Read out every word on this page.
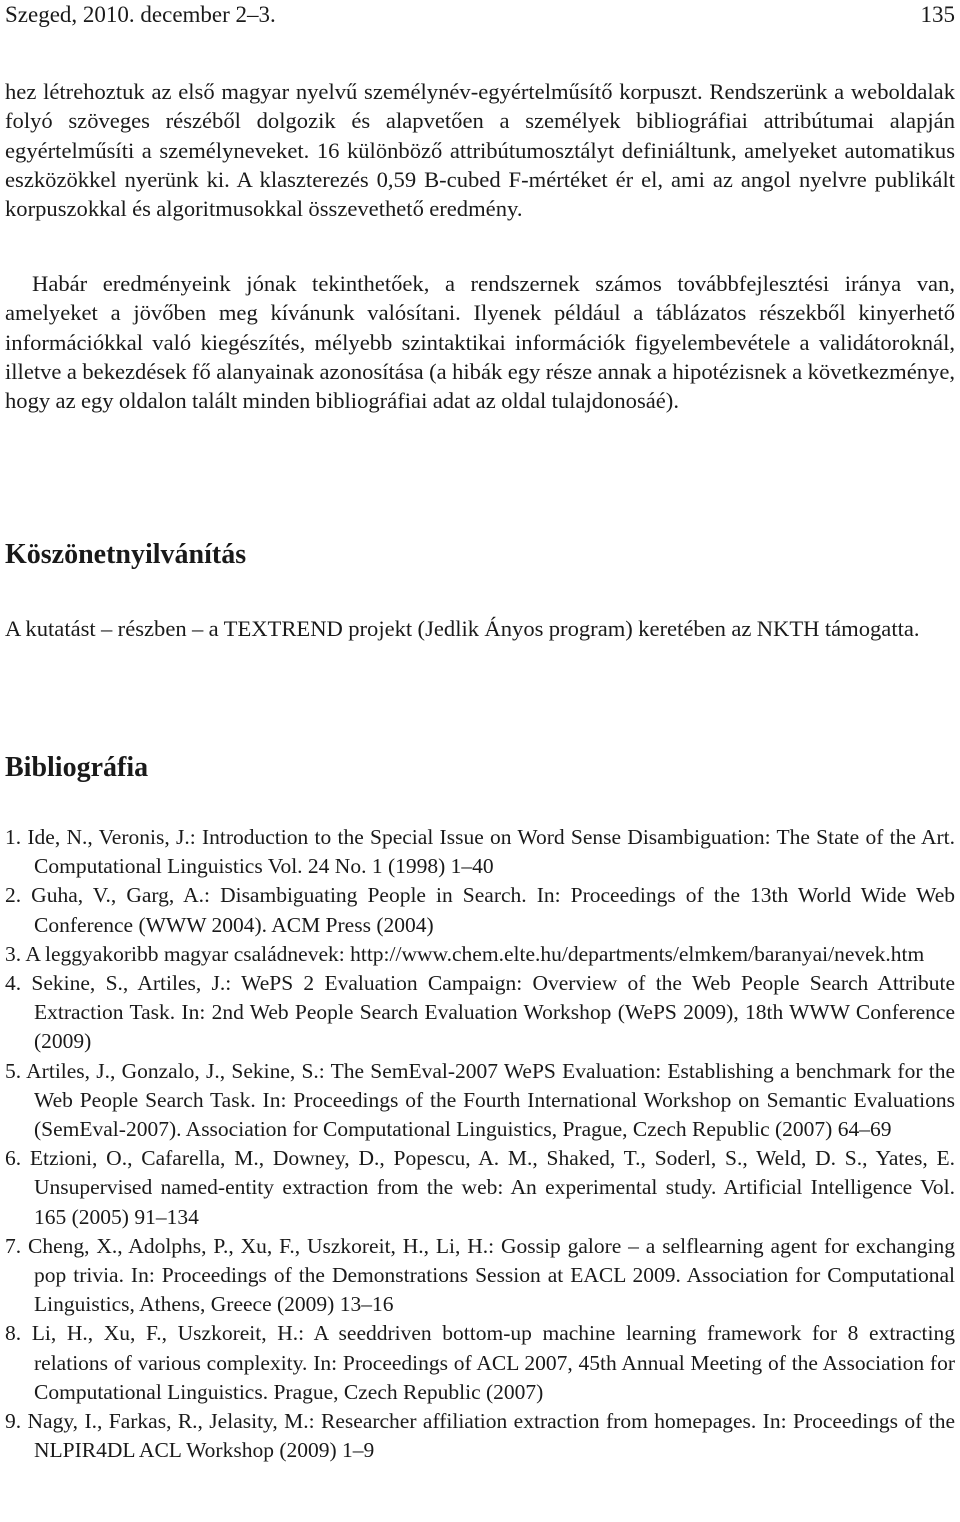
Szeged, 2010. december 2–3.	135

hez létrehoztuk az első magyar nyelvű személynév-egyértelműsítő korpuszt. Rendszerünk a weboldalak folyó szöveges részéből dolgozik és alapvetően a személyek bibliográfiai attribútumai alapján egyértelműsíti a személyneveket. 16 különböző attribútumosztályt definiáltunk, amelyeket automatikus eszközökkel nyerünk ki. A klaszterezés 0,59 B-cubed F-mértéket ér el, ami az angol nyelvre publikált korpuszokkal és algoritmusokkal összevethető eredmény.

Habár eredményeink jónak tekinthetőek, a rendszernek számos továbbfejlesztési iránya van, amelyeket a jövőben meg kívánunk valósítani. Ilyenek például a táblázatos részekből kinyerhető információkkal való kiegészítés, mélyebb szintaktikai információk figyelembevétele a validátoroknál, illetve a bekezdések fő alanyainak azonosítása (a hibák egy része annak a hipotézisnek a következménye, hogy az egy oldalon talált minden bibliográfiai adat az oldal tulajdonosáé).

Köszönetnyilvánítás

A kutatást – részben – a TEXTREND projekt (Jedlik Ányos program) keretében az NKTH támogatta.

Bibliográfia
1. Ide, N., Veronis, J.: Introduction to the Special Issue on Word Sense Disambiguation: The State of the Art. Computational Linguistics Vol. 24 No. 1 (1998) 1–40
2. Guha, V., Garg, A.: Disambiguating People in Search. In: Proceedings of the 13th World Wide Web Conference (WWW 2004). ACM Press (2004)
3. A leggyakoribb magyar családnevek: http://www.chem.elte.hu/departments/elmkem/baranyai/nevek.htm
4. Sekine, S., Artiles, J.: WePS 2 Evaluation Campaign: Overview of the Web People Search Attribute Extraction Task. In: 2nd Web People Search Evaluation Workshop (WePS 2009), 18th WWW Conference (2009)
5. Artiles, J., Gonzalo, J., Sekine, S.: The SemEval-2007 WePS Evaluation: Establishing a benchmark for the Web People Search Task. In: Proceedings of the Fourth International Workshop on Semantic Evaluations (SemEval-2007). Association for Computational Linguistics, Prague, Czech Republic (2007) 64–69
6. Etzioni, O., Cafarella, M., Downey, D., Popescu, A. M., Shaked, T., Soderl, S., Weld, D. S., Yates, E. Unsupervised named-entity extraction from the web: An experimental study. Artificial Intelligence Vol. 165 (2005) 91–134
7. Cheng, X., Adolphs, P., Xu, F., Uszkoreit, H., Li, H.: Gossip galore – a selflearning agent for exchanging pop trivia. In: Proceedings of the Demonstrations Session at EACL 2009. Association for Computational Linguistics, Athens, Greece (2009) 13–16
8. Li, H., Xu, F., Uszkoreit, H.: A seeddriven bottom-up machine learning framework for 8 extracting relations of various complexity. In: Proceedings of ACL 2007, 45th Annual Meeting of the Association for Computational Linguistics. Prague, Czech Republic (2007)
9. Nagy, I., Farkas, R., Jelasity, M.: Researcher affiliation extraction from homepages. In: Proceedings of the NLPIR4DL ACL Workshop (2009) 1–9
